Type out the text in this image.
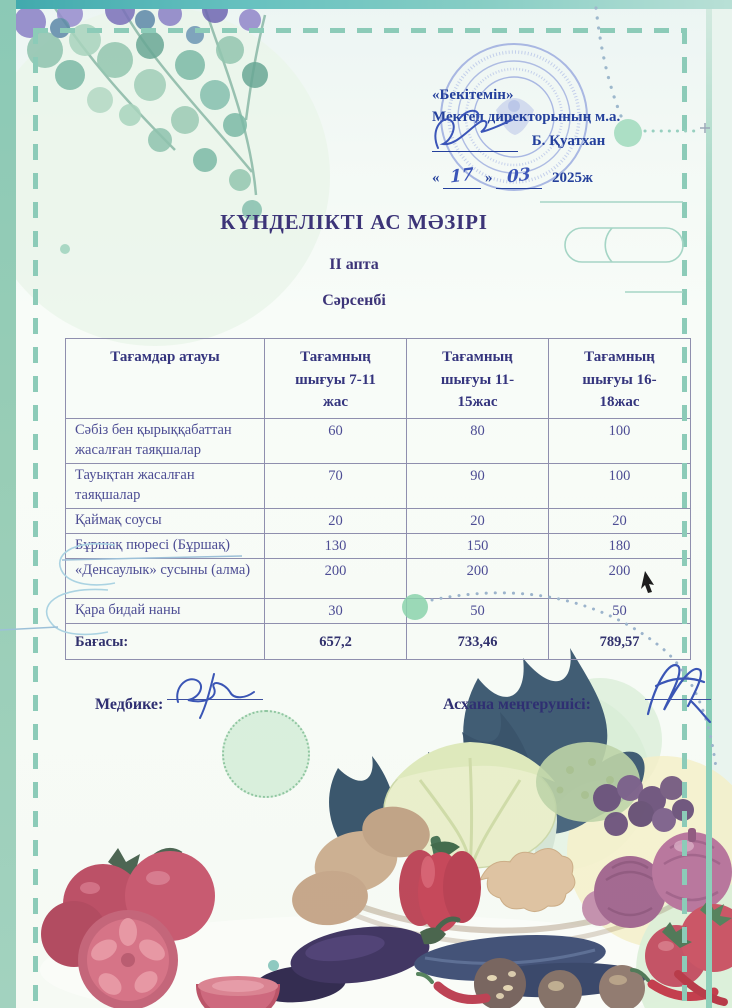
«Бекітемін»
Мектеп директорының м.а.
Б. Қуатхан
« 17 » 03 2025ж
КҮНДЕЛІКТІ АС МӘЗІРІ
II апта
Сәрсенбі
Тағамдар атауы	Тағамның шығуы 7-11 жас	Тағамның шығуы 11-15жас	Тағамның шығуы 16-18жас
Сәбіз бен қырыққабаттан жасалған таяқшалар	60	80	100
Тауықтан жасалған таяқшалар	70	90	100
Қаймақ соусы	20	20	20
Бұршақ пюресі (Бұршақ)	130	150	180
«Денсаулык» сусыны (алма)	200	200	200
Қара бидай наны	30	50	50
Бағасы:	657,2	733,46	789,57
Медбике:	Асхана меңгерушісі:
